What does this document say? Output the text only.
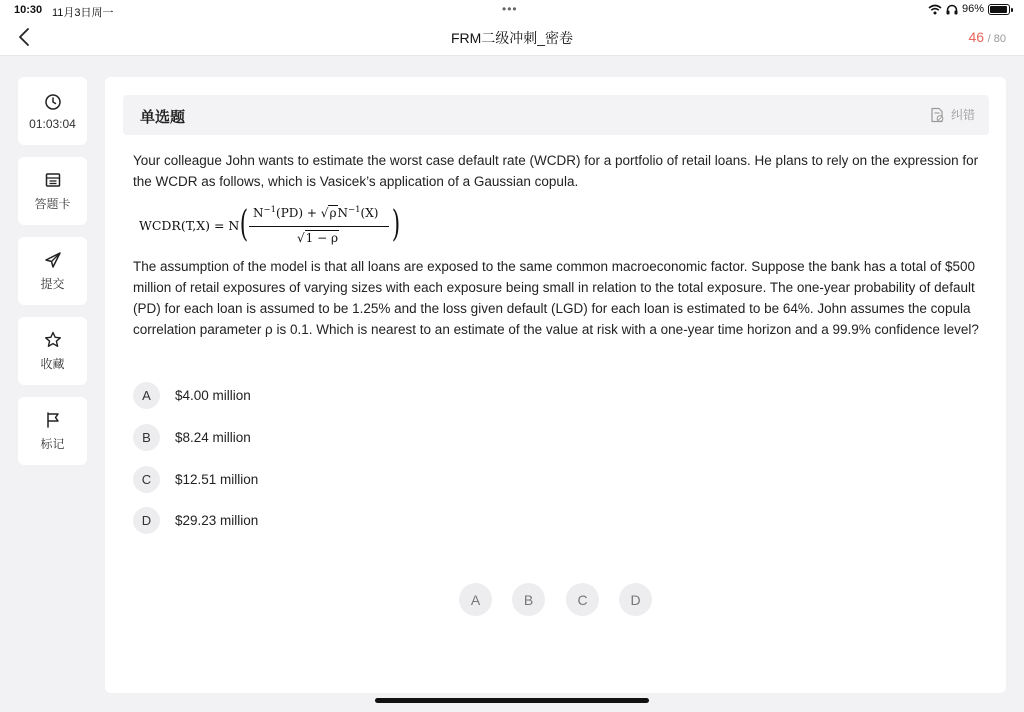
10:30 11月3日周一	•••	96%
FRM二级冲刺_密卷	46 / 80
01:03:04
答题卡
提交
收藏
标记
单选题	纠错
Your colleague John wants to estimate the worst case default rate (WCDR) for a portfolio of retail loans. He plans to rely on the expression for the WCDR as follows, which is Vasicek’s application of a Gaussian copula.
WCDR(T,X) = N ( $N^{-1}(PD) + √\rho N^{-1}(X)$
√1 − ρ )
The assumption of the model is that all loans are exposed to the same common macroeconomic factor. Suppose the bank has a total of $500 million of retail exposures of varying sizes with each exposure being small in relation to the total exposure. The one-year probability of default (PD) for each loan is assumed to be 1.25% and the loss given default (LGD) for each loan is estimated to be 64%. John assumes the copula correlation parameter ρ is 0.1. Which is nearest to an estimate of the value at risk with a one-year time horizon and a 99.9% confidence level?
A	$4.00 million
B	$8.24 million
C	$12.51 million
D	$29.23 million
A	B	C	D
